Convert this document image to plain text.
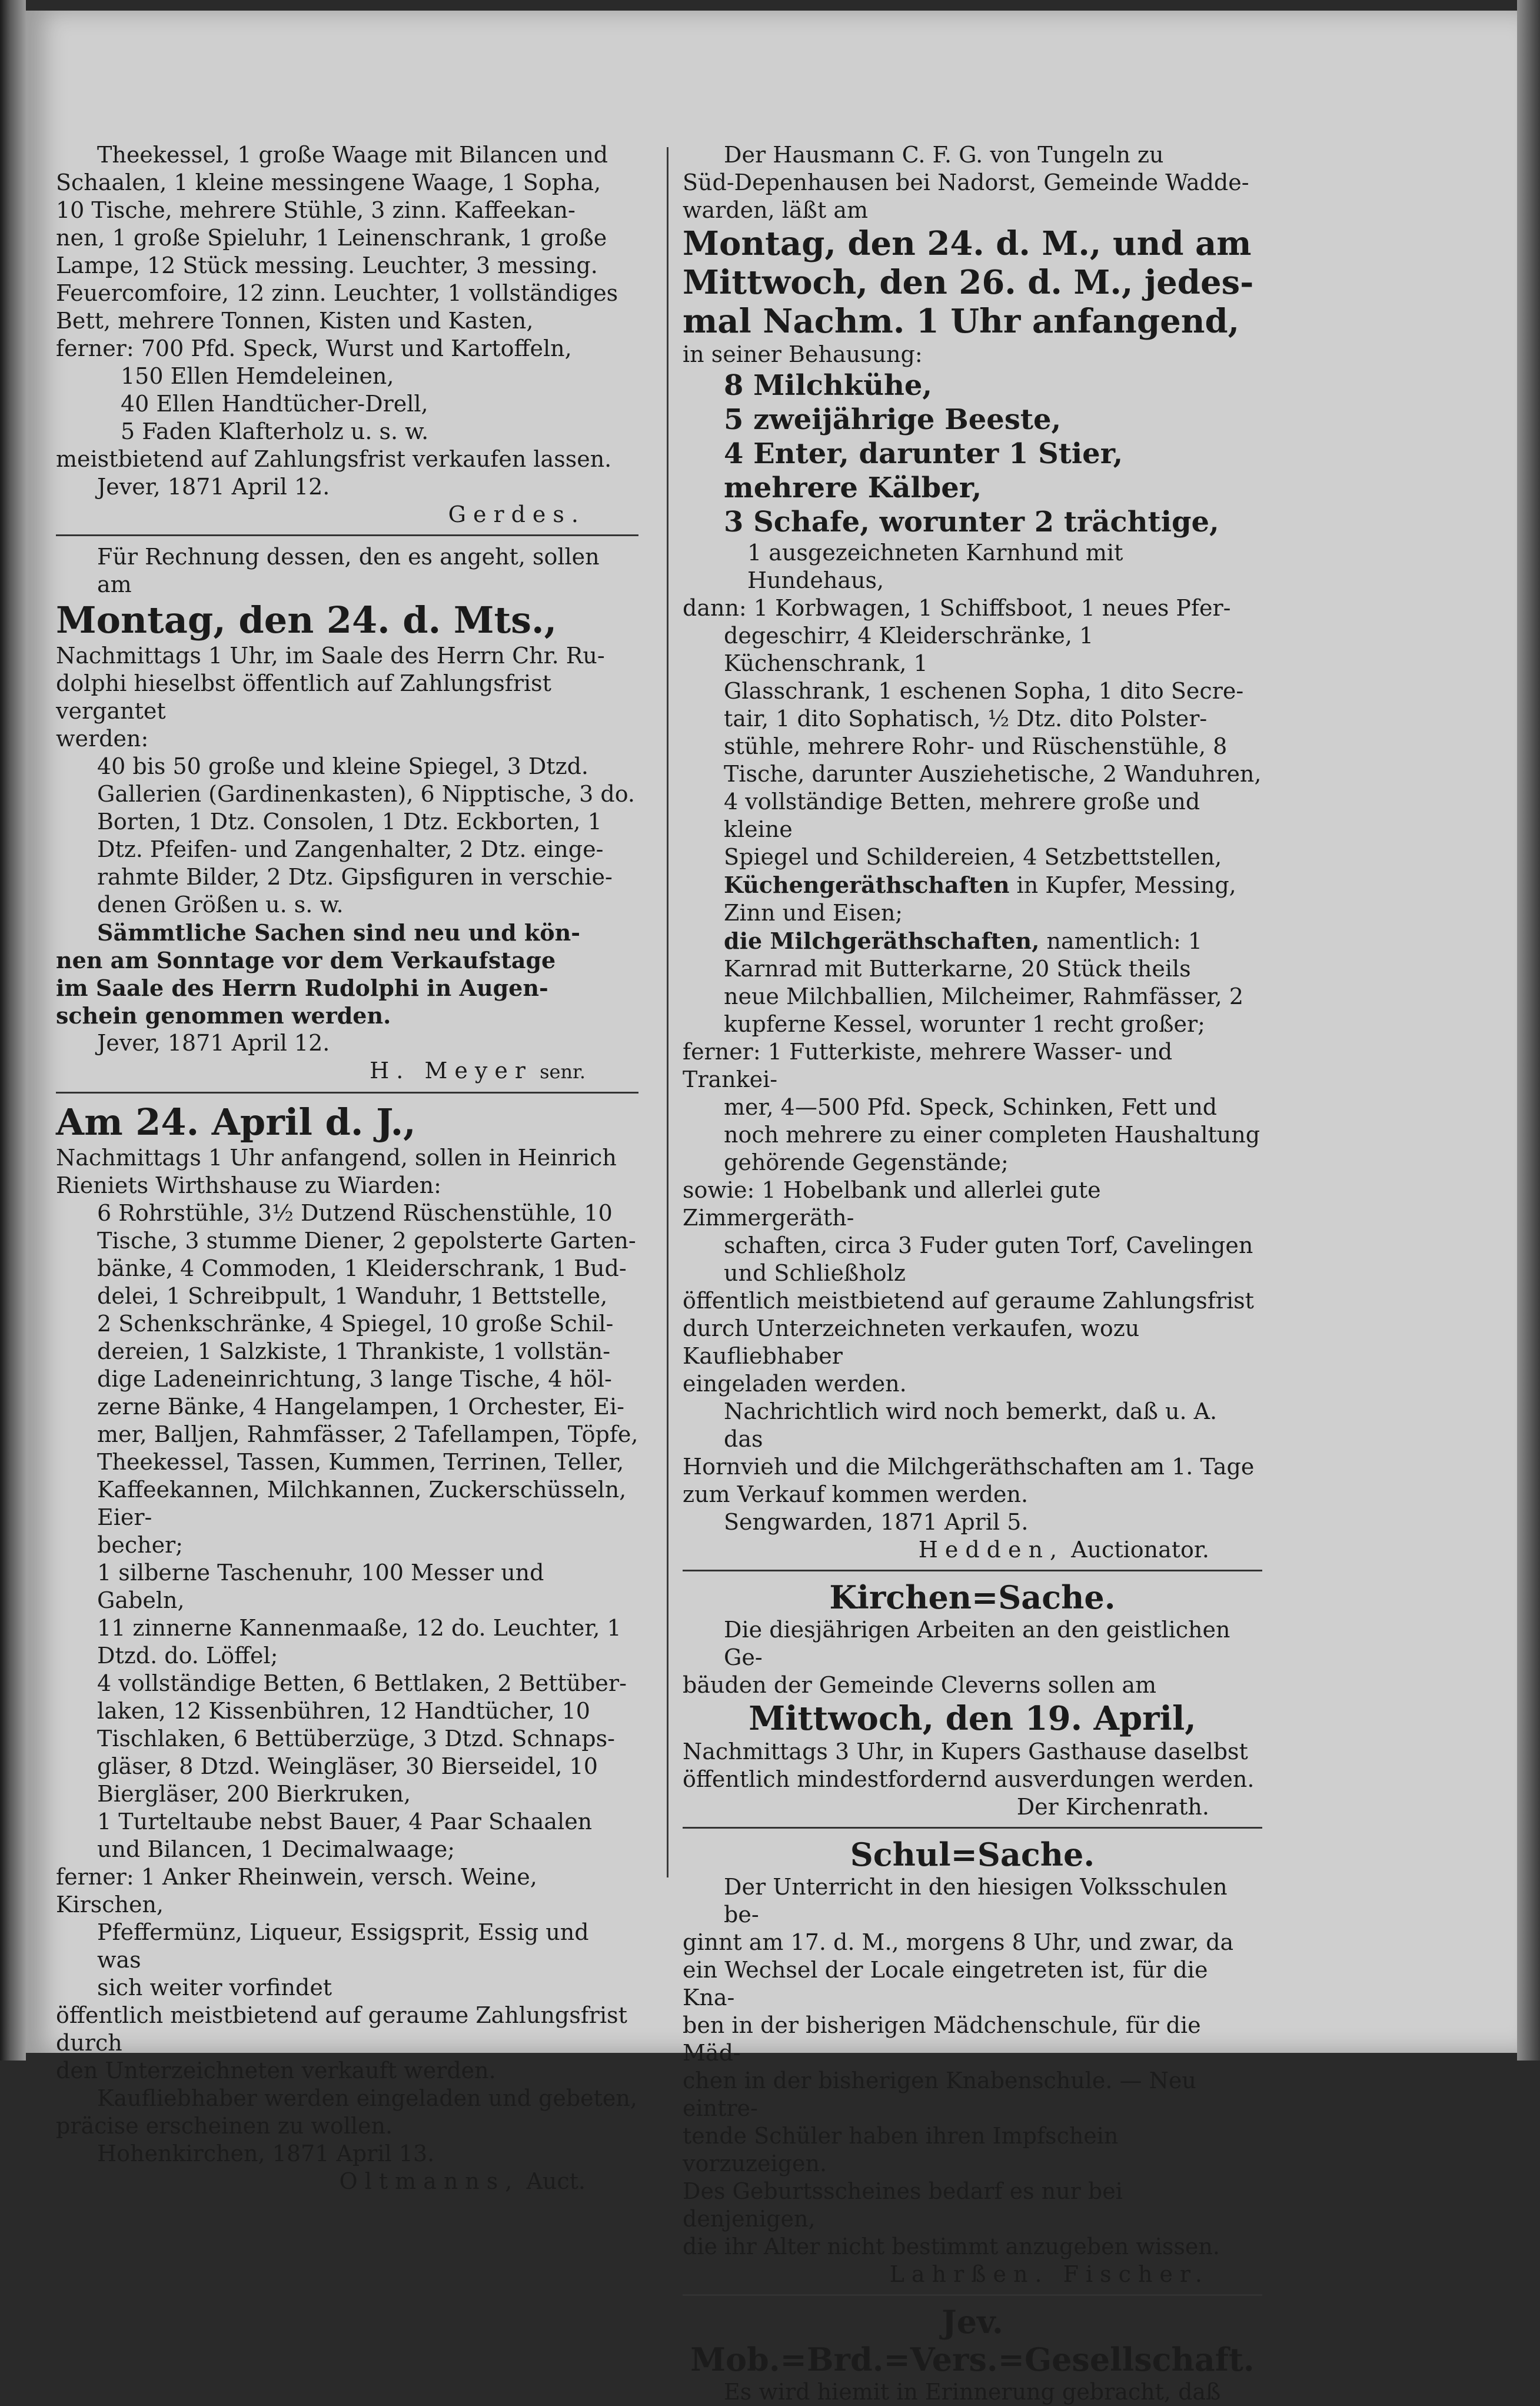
Theekessel, 1 große Waage mit Bilancen und

Schaalen, 1 kleine messingene Waage, 1 Sopha,

10 Tische, mehrere Stühle, 3 zinn. Kaffeekan-

nen, 1 große Spieluhr, 1 Leinenschrank, 1 große

Lampe, 12 Stück messing. Leuchter, 3 messing.

Feuercomfoire, 12 zinn. Leuchter, 1 vollständiges

Bett, mehrere Tonnen, Kisten und Kasten,

ferner: 700 Pfd. Speck, Wurst und Kartoffeln,

150 Ellen Hemdeleinen,

40 Ellen Handtücher-Drell,

5 Faden Klafterholz u. s. w.

meistbietend auf Zahlungsfrist verkaufen lassen.

Jever, 1871 April 12.

Gerdes.

Für Rechnung dessen, den es angeht, sollen am

Montag, den 24. d. Mts.,

Nachmittags 1 Uhr, im Saale des Herrn Chr. Ru-

dolphi hieselbst öffentlich auf Zahlungsfrist vergantet

werden:

40 bis 50 große und kleine Spiegel, 3 Dtzd.

Gallerien (Gardinenkasten), 6 Nipptische, 3 do.

Borten, 1 Dtz. Consolen, 1 Dtz. Eckborten, 1

Dtz. Pfeifen- und Zangenhalter, 2 Dtz. einge-

rahmte Bilder, 2 Dtz. Gipsfiguren in verschie-

denen Größen u. s. w.

Sämmtliche Sachen sind neu und kön-

nen am Sonntage vor dem Verkaufstage

im Saale des Herrn Rudolphi in Augen-

schein genommen werden.

Jever, 1871 April 12.

H. Meyer senr.

Am 24. April d. J.,

Nachmittags 1 Uhr anfangend, sollen in Heinrich

Rieniets Wirthshause zu Wiarden:

6 Rohrstühle, 3½ Dutzend Rüschenstühle, 10

Tische, 3 stumme Diener, 2 gepolsterte Garten-

bänke, 4 Commoden, 1 Kleiderschrank, 1 Bud-

delei, 1 Schreibpult, 1 Wanduhr, 1 Bettstelle,

2 Schenkschränke, 4 Spiegel, 10 große Schil-

dereien, 1 Salzkiste, 1 Thrankiste, 1 vollstän-

dige Ladeneinrichtung, 3 lange Tische, 4 höl-

zerne Bänke, 4 Hangelampen, 1 Orchester, Ei-

mer, Balljen, Rahmfässer, 2 Tafellampen, Töpfe,

Theekessel, Tassen, Kummen, Terrinen, Teller,

Kaffeekannen, Milchkannen, Zuckerschüsseln, Eier-

becher;

1 silberne Taschenuhr, 100 Messer und Gabeln,

11 zinnerne Kannenmaaße, 12 do. Leuchter, 1

Dtzd. do. Löffel;

4 vollständige Betten, 6 Bettlaken, 2 Bettüber-

laken, 12 Kissenbühren, 12 Handtücher, 10

Tischlaken, 6 Bettüberzüge, 3 Dtzd. Schnaps-

gläser, 8 Dtzd. Weingläser, 30 Bierseidel, 10

Biergläser, 200 Bierkruken,

1 Turteltaube nebst Bauer, 4 Paar Schaalen

und Bilancen, 1 Decimalwaage;

ferner: 1 Anker Rheinwein, versch. Weine, Kirschen,

Pfeffermünz, Liqueur, Essigsprit, Essig und was

sich weiter vorfindet

öffentlich meistbietend auf geraume Zahlungsfrist durch

den Unterzeichneten verkauft werden.

Kaufliebhaber werden eingeladen und gebeten,

präcise erscheinen zu wollen.

Hohenkirchen, 1871 April 13.

Oltmanns, Auct.

Der Hausmann C. F. G. von Tungeln zu

Süd-Depenhausen bei Nadorst, Gemeinde Wadde-

warden, läßt am

Montag, den 24. d. M., und am

Mittwoch, den 26. d. M., jedes-

mal Nachm. 1 Uhr anfangend,

in seiner Behausung:

8 Milchkühe,

5 zweijährige Beeste,

4 Enter, darunter 1 Stier,

mehrere Kälber,

3 Schafe, worunter 2 trächtige,

1 ausgezeichneten Karnhund mit Hundehaus,

dann: 1 Korbwagen, 1 Schiffsboot, 1 neues Pfer-

degeschirr, 4 Kleiderschränke, 1 Küchenschrank, 1

Glasschrank, 1 eschenen Sopha, 1 dito Secre-

tair, 1 dito Sophatisch, ½ Dtz. dito Polster-

stühle, mehrere Rohr- und Rüschenstühle, 8

Tische, darunter Ausziehetische, 2 Wanduhren,

4 vollständige Betten, mehrere große und kleine

Spiegel und Schildereien, 4 Setzbettstellen,

Küchengeräthschaften in Kupfer, Messing,

Zinn und Eisen;

die Milchgeräthschaften, namentlich: 1

Karnrad mit Butterkarne, 20 Stück theils

neue Milchballien, Milcheimer, Rahmfässer, 2

kupferne Kessel, worunter 1 recht großer;

ferner: 1 Futterkiste, mehrere Wasser- und Trankei-

mer, 4—500 Pfd. Speck, Schinken, Fett und

noch mehrere zu einer completen Haushaltung

gehörende Gegenstände;

sowie: 1 Hobelbank und allerlei gute Zimmergeräth-

schaften, circa 3 Fuder guten Torf, Cavelingen

und Schließholz

öffentlich meistbietend auf geraume Zahlungsfrist

durch Unterzeichneten verkaufen, wozu Kaufliebhaber

eingeladen werden.

Nachrichtlich wird noch bemerkt, daß u. A. das

Hornvieh und die Milchgeräthschaften am 1. Tage

zum Verkauf kommen werden.

Sengwarden, 1871 April 5.

Hedden, Auctionator.

Kirchen=Sache.

Die diesjährigen Arbeiten an den geistlichen Ge-

bäuden der Gemeinde Cleverns sollen am

Mittwoch, den 19. April,

Nachmittags 3 Uhr, in Kupers Gasthause daselbst

öffentlich mindestfordernd ausverdungen werden.

Der Kirchenrath.

Schul=Sache.

Der Unterricht in den hiesigen Volksschulen be-

ginnt am 17. d. M., morgens 8 Uhr, und zwar, da

ein Wechsel der Locale eingetreten ist, für die Kna-

ben in der bisherigen Mädchenschule, für die Mäd-

chen in der bisherigen Knabenschule. — Neu eintre-

tende Schüler haben ihren Impfschein vorzuzeigen.

Des Geburtsscheines bedarf es nur bei denjenigen,

die ihr Alter nicht bestimmt anzugeben wissen.

Lahrßen. Fischer.

Jev. Mob.=Brd.=Vers.=Gesellschaft.

Es wird hiemit in Erinnerung gebracht, daß
